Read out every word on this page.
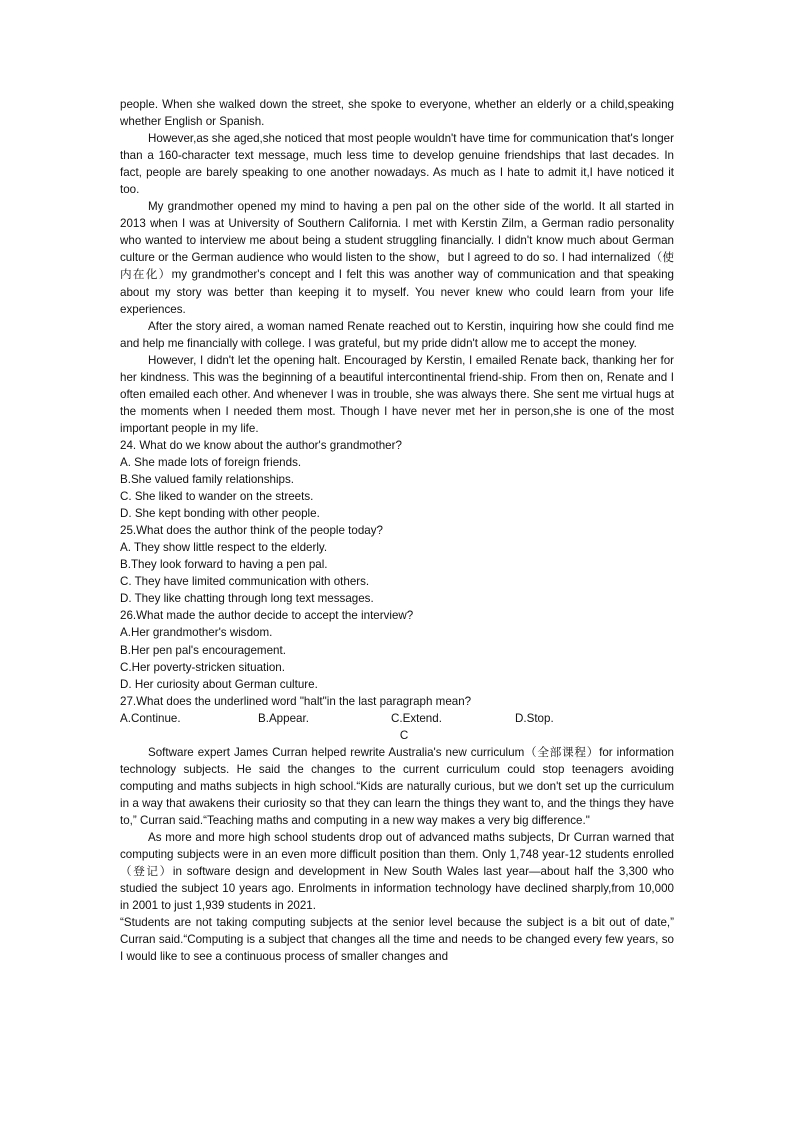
people. When she walked down the street, she spoke to everyone, whether an elderly or a child,speaking whether English or Spanish.

However,as she aged,she noticed that most people wouldn't have time for communication that's longer than a 160-character text message, much less time to develop genuine friendships that last decades. In fact, people are barely speaking to one another nowadays. As much as I hate to admit it,I have noticed it too.

My grandmother opened my mind to having a pen pal on the other side of the world. It all started in 2013 when I was at University of Southern California. I met with Kerstin Zilm, a German radio personality who wanted to interview me about being a student struggling financially. I didn't know much about German culture or the German audience who would listen to the show，but I agreed to do so. I had internalized（使内在化）my grandmother's concept and I felt this was another way of communication and that speaking about my story was better than keeping it to myself. You never knew who could learn from your life experiences.

After the story aired, a woman named Renate reached out to Kerstin, inquiring how she could find me and help me financially with college. I was grateful, but my pride didn't allow me to accept the money.

However, I didn't let the opening halt. Encouraged by Kerstin, I emailed Renate back, thanking her for her kindness. This was the beginning of a beautiful intercontinental friend-ship. From then on, Renate and I often emailed each other. And whenever I was in trouble, she was always there. She sent me virtual hugs at the moments when I needed them most. Though I have never met her in person,she is one of the most important people in my life.

24. What do we know about the author's grandmother?

A. She made lots of foreign friends.

B.She valued family relationships.

C. She liked to wander on the streets.

D. She kept bonding with other people.

25.What does the author think of the people today?

A. They show little respect to the elderly.

B.They look forward to having a pen pal.

C. They have limited communication with others.

D. They like chatting through long text messages.

26.What made the author decide to accept the interview?

A.Her grandmother's wisdom.

B.Her pen pal's encouragement.

C.Her poverty-stricken situation.

D. Her curiosity about German culture.

27.What does the underlined word "halt"in the last paragraph mean?

A.Continue.	B.Appear.	C.Extend.	D.Stop.

C

Software expert James Curran helped rewrite Australia's new curriculum（全部课程）for information technology subjects. He said the changes to the current curriculum could stop teenagers avoiding computing and maths subjects in high school.“Kids are naturally curious, but we don't set up the curriculum in a way that awakens their curiosity so that they can learn the things they want to, and the things they have to,” Curran said.“Teaching maths and computing in a new way makes a very big difference."

As more and more high school students drop out of advanced maths subjects, Dr Curran warned that computing subjects were in an even more difficult position than them. Only 1,748 year-12 students enrolled（登记）in software design and development in New South Wales last year—about half the 3,300 who studied the subject 10 years ago. Enrolments in information technology have declined sharply,from 10,000 in 2001 to just 1,939 students in 2021.

“Students are not taking computing subjects at the senior level because the subject is a bit out of date,” Curran said.“Computing is a subject that changes all the time and needs to be changed every few years, so I would like to see a continuous process of smaller changes and
